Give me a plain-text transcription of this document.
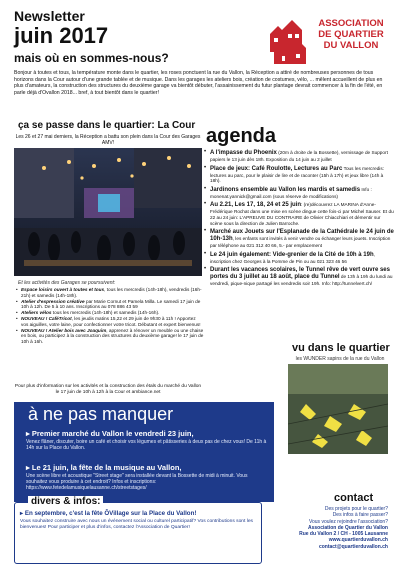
Newsletter
juin 2017
mais où en sommes-nous?
ASSOCIATION
DE QUARTIER
DU VALLON
Bonjour à toutes et tous, la température monte dans le quartier, les roses ponctuent la rue du Vallon, la Réception a attiré de nombreuses personnes de tous horizons dans la Cour autour d'une grande tablée et de musique. Dans les garages les ateliers bois, création de costumes, vélo, ... mêlent accueillent de plus en plus d'amateurs, la construction des structures du deuxième garage va bientôt débuter, l'assainissement du futur plantage devrait commencer à la fin de l'été, en parle déjà d'Ovallon 2018... bref, à tout bientôt dans le quartier!
ça se passe dans le quartier: La Cour
Les 26 et 27 mai derniers, la Réception a battu son plein dans la Cour des Garages AMV!
Et les activités des Garages se poursuivent:
• Espace loisirs ouvert à toutes et tous, tous les mercredis (14h-18h), vendredis (16h-21h) et samedis (14h-18h).
• Atelier d'expression créative par Marie Cornut et Pamela Milla. Le samedi 17 juin de 10h à 12h. De 5 à 10 ans. Inscriptions au 078 886 43 59
• Ateliers vélos tous les mercredis (14h-18h) et samedis (14h-16h).
• NOUVEAU ! CaféTricot, les jeudis matins 15,22 et 29 juin de 9h30 à 11h ! Apportez vos aiguilles, votre laine, pour confectionner votre tricot. Débutant et expert bienvenus!
• NOUVEAU ! Atelier bois avec Joaquim, apprenez à rénover un meuble ou une chaise en bois, ou participez à la construction des structures du deuxième garage! le 17 juin de 10h à 16h.
Pour plus d'information sur les activités et la construction des étals du marché du Vallon le 17 juin de 10h à 12h à la Cour et ambiance.net
agenda
• A l'impasse du Phoenix (20m à droite de la Bossette), vernissage de Support papiers le 13 juin dès 18h. Exposition du 14 juin au 2 juillet
• Place de jeux: Café Roulotte, Lectures au Parc Tous les mercredis: lectures au parc, pour le plaisir de lire et de raconter (15h à 17h) et jeux libre (14h à 18h).
• Jardinons ensemble au Vallon les mardis et samedis Info : monenat.yannick@gmail.com (sous réserve de modifications)
• Au 2.21, Les 17, 18, 24 et 25 juin: (re)découvrez LA MARINA d'Anne-Frédérique Rochat dans une mise en scène dingue cette fois-ci par Michel Sauser. Et du 22 au 24 juin: L'APREUVE DU CONTRAIRE de Olivier Chiacchiari et démentir sur scène sous la direction de Julien Barroche.
• Marché aux Jouets sur l'Esplanade de la Cathédrale le 24 juin de 10h-13h, les enfants sont invités à venir vendre ou échanger leurs jouets. Inscription par téléphone au 021 312 40 66, 5.- par emplacement
• Le 24 juin également: Vide-grenier de la Cité de 10h à 19h, inscription chez Georges à la Pomme de Pin ou au 021 323 46 56
• Durant les vacances scolaires, le Tunnel rêve de vert ouvre ses portes du 3 juillet au 18 août, place du Tunnel de 13h à 19h du lundi au vendredi, pique-nique partagé les vendredis soir 19h. Info: http://tunnelvert.ch/
à ne pas manquer
▸ Premier marché du Vallon le vendredi 23 juin,
Venez flâner, discuter, boire un café et choisir vos légumes et pâtisseries à deux pas de chez vous! De 11h à 14h sur la Place du Vallon.
▸ Le 21 juin, la fête de la musique au Vallon,
Une scène libre et acoustique "Street stage" sera installée devant la Bossette de midi à minuit. Vous souhaitez vous produire à cet endroit? Infos et inscriptions: https://www.fetedelamusiquelausanne.ch/streetstages/
vu dans le quartier
les WUNDER sapins de la rue du Vallon
divers & infos:
▸ En septembre, c'est la fête ÔVillage sur la Place du Vallon!
Vous souhaitez construire avec nous un événement social ou culturel participatif? Vos contributions sont les bienvenues! Pour participer et plus d'infos, contactez l'Association de Quartier!
contact
Des projets pour le quartier?
Des infos à faire passer?
Vous voulez rejoindre l'association?
Association de Quartier du Vallon
Rue du Vallon 2 / CH - 1005 Lausanne
www.quartierduvallon.ch
contact@quartierduvallon.ch
